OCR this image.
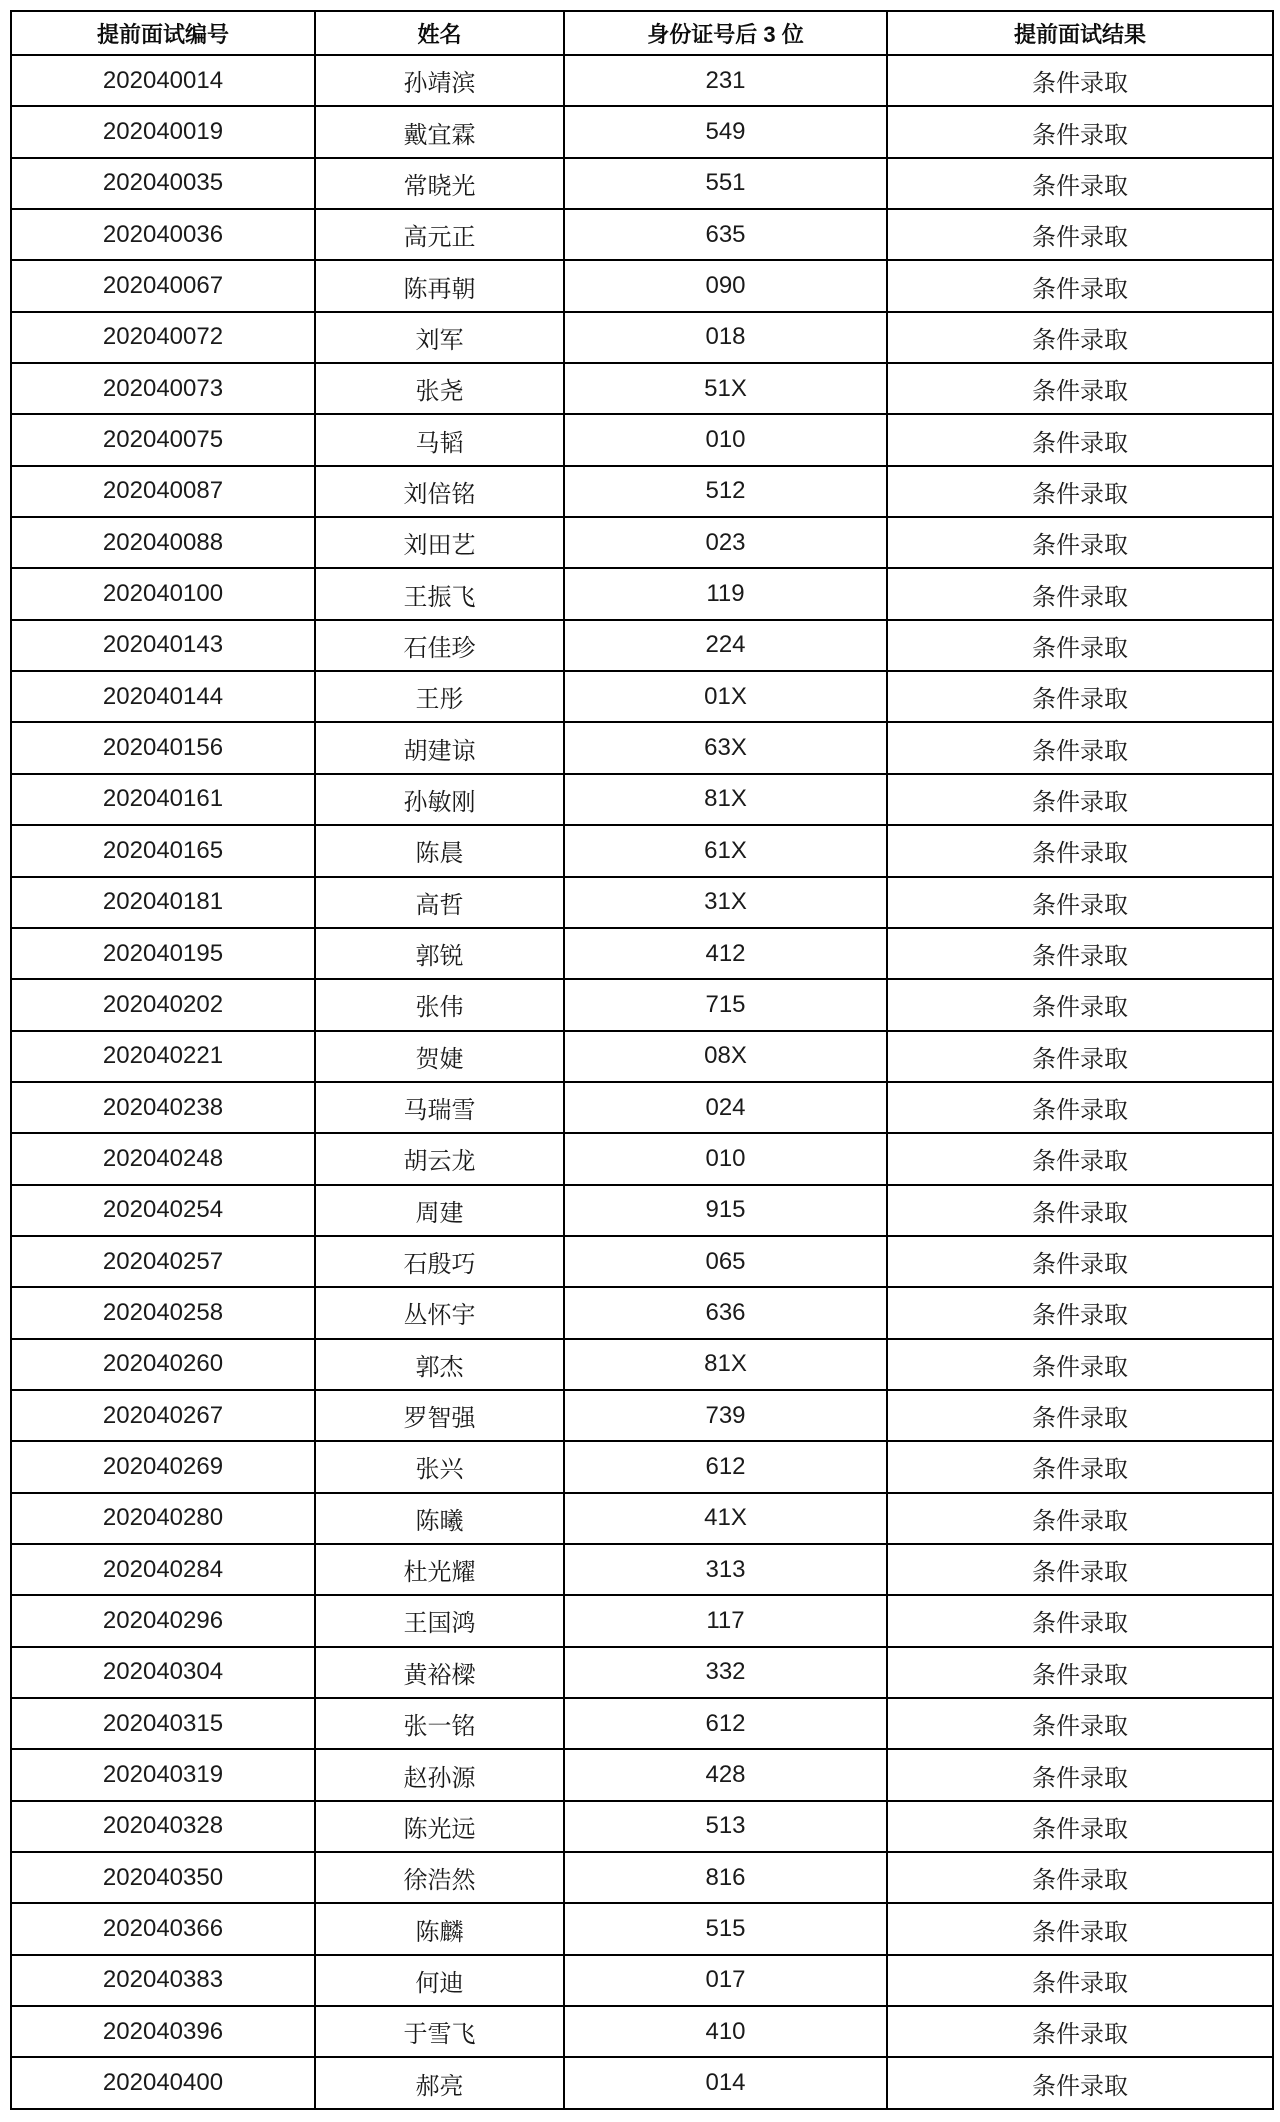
提前面试编号	姓名	身份证号后 3 位	提前面试结果
202040014	孙靖滨	231	条件录取
202040019	戴宜霖	549	条件录取
202040035	常晓光	551	条件录取
202040036	高元正	635	条件录取
202040067	陈再朝	090	条件录取
202040072	刘军	018	条件录取
202040073	张尧	51X	条件录取
202040075	马韬	010	条件录取
202040087	刘倍铭	512	条件录取
202040088	刘田艺	023	条件录取
202040100	王振飞	119	条件录取
202040143	石佳珍	224	条件录取
202040144	王彤	01X	条件录取
202040156	胡建谅	63X	条件录取
202040161	孙敏刚	81X	条件录取
202040165	陈晨	61X	条件录取
202040181	高哲	31X	条件录取
202040195	郭锐	412	条件录取
202040202	张伟	715	条件录取
202040221	贺婕	08X	条件录取
202040238	马瑞雪	024	条件录取
202040248	胡云龙	010	条件录取
202040254	周建	915	条件录取
202040257	石殷巧	065	条件录取
202040258	丛怀宇	636	条件录取
202040260	郭杰	81X	条件录取
202040267	罗智强	739	条件录取
202040269	张兴	612	条件录取
202040280	陈曦	41X	条件录取
202040284	杜光耀	313	条件录取
202040296	王国鸿	117	条件录取
202040304	黄裕樑	332	条件录取
202040315	张一铭	612	条件录取
202040319	赵孙源	428	条件录取
202040328	陈光远	513	条件录取
202040350	徐浩然	816	条件录取
202040366	陈麟	515	条件录取
202040383	何迪	017	条件录取
202040396	于雪飞	410	条件录取
202040400	郝亮	014	条件录取
